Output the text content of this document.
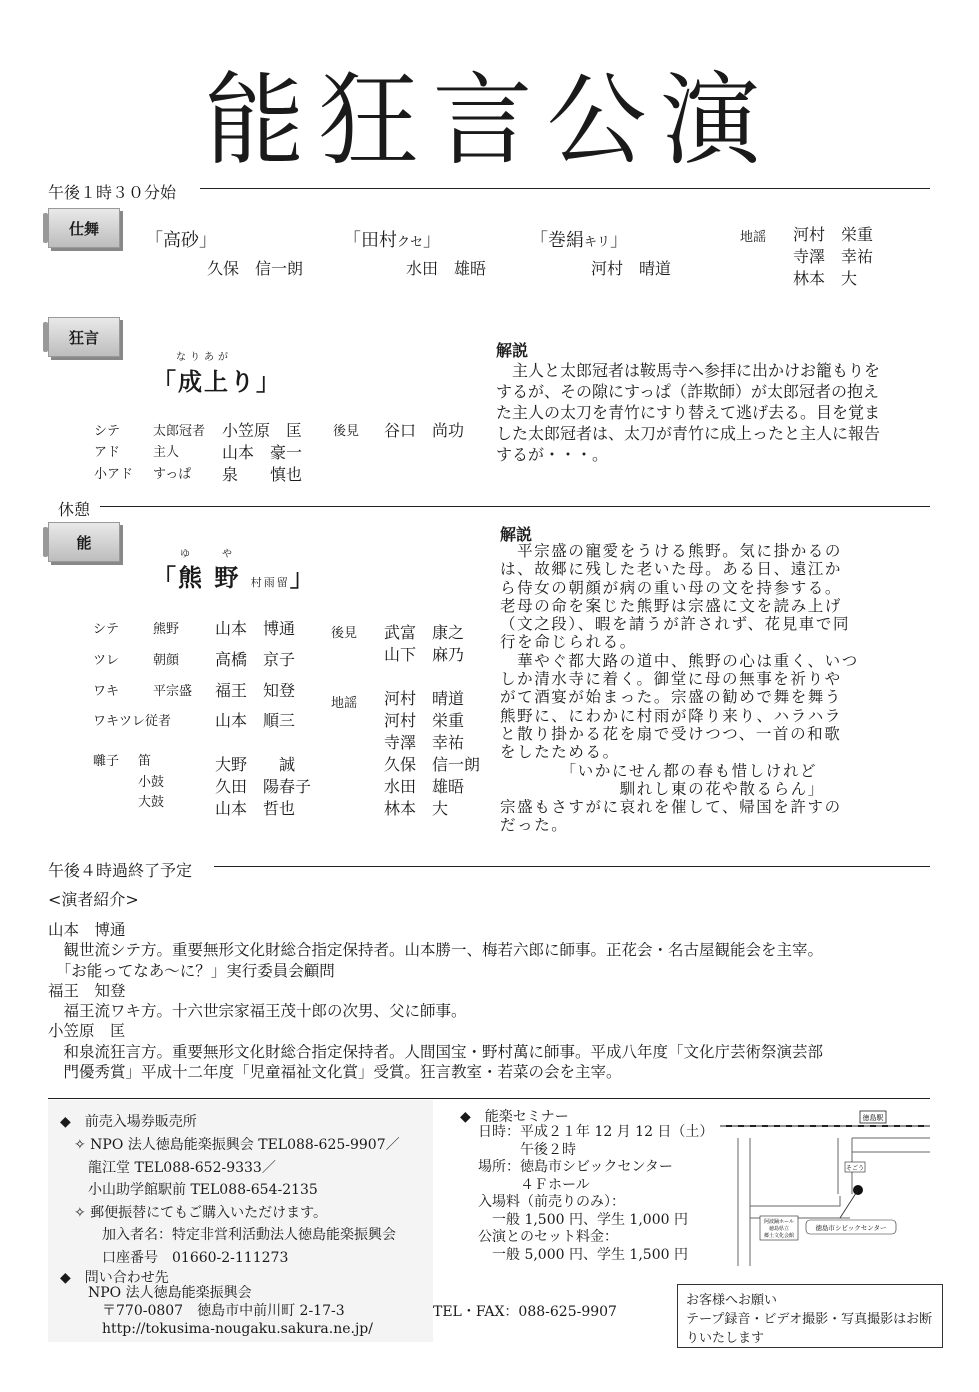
能狂言公演
午後１時３０分始
仕舞
「高砂」
久保　信一朗
「田村クセ」
水田　雄晤
「巻絹キリ」
河村　晴道
地謡 河村　栄重
寺澤　幸祐
林本　大
狂言
なりあが
「成上り」
シテ	太郎冠者 小笠原　匡
アド	主人	山本　豪一
小アド すっぱ 泉　　慎也
後見 谷口　尚功
解説
　主人と太郎冠者は鞍馬寺へ参拝に出かけお籠もりを
するが、その隙にすっぱ（詐欺師）が太郎冠者の抱え
た主人の太刀を青竹にすり替えて逃げ去る。目を覚ま
した太郎冠者は、太刀が青竹に成上ったと主人に報告
するが・・・。
休憩
能
ゆ　　や
「熊 野 村雨留」
シテ	熊野 山本　博通
ツレ	朝顔 高橋　京子
ワキ	平宗盛 福王　知登
ワキツレ従者	山本　順三
囃子 笛	大野　　誠
小鼓	久田　陽春子
大鼓	山本　哲也
後見 武富　康之
山下　麻乃
地謡 河村　晴道
河村　栄重
寺澤　幸祐
久保　信一朗
水田　雄晤
林本　大
解説
　平宗盛の寵愛をうける熊野。気に掛かるの
は、故郷に残した老いた母。ある日、遠江か
ら侍女の朝顔が病の重い母の文を持参する。
老母の命を案じた熊野は宗盛に文を読み上げ
（文之段）、暇を請うが許されず、花見車で同
行を命じられる。
　華やぐ都大路の道中、熊野の心は重く、いつ
しか清水寺に着く。御堂に母の無事を祈りや
がて酒宴が始まった。宗盛の勧めで舞を舞う
熊野に、にわかに村雨が降り来り、ハラハラ
と散り掛かる花を扇で受けつつ、一首の和歌
をしたためる。
　　　　「いかにせん都の春も惜しけれど
　　　　　　　馴れし東の花や散るらん」
宗盛もさすがに哀れを催して、帰国を許すの
だった。
午後４時過終了予定
<演者紹介>
山本　博通
　観世流シテ方。重要無形文化財総合指定保持者。山本勝一、梅若六郎に師事。正花会・名古屋観能会を主宰。
　「お能ってなあ〜に？」実行委員会顧問
福王　知登
　福王流ワキ方。十六世宗家福王茂十郎の次男、父に師事。
小笠原　匡
　和泉流狂言方。重要無形文化財総合指定保持者。人間国宝・野村萬に師事。平成八年度「文化庁芸術祭演芸部
　門優秀賞」平成十二年度「児童福祉文化賞」受賞。狂言教室・若菜の会を主宰。
◆　前売入場券販売所
✧ NPO 法人徳島能楽振興会 TEL088-625-9907／
　龍江堂 TEL088-652-9333／
　小山助学館駅前 TEL088-654-2135
✧ 郵便振替にてもご購入いただけます。
　　加入者名：特定非営利活動法人徳島能楽振興会
　　口座番号　01660-2-111273
◆　問い合わせ先
　NPO 法人徳島能楽振興会
　　〒770-0807　徳島市中前川町 2-17-3
　　http://tokusima-nougaku.sakura.ne.jp/
TEL・FAX：088-625-9907
◆　能楽セミナー
日時：平成２１年 12 月 12 日（土）
　　　午後２時
場所：徳島市シビックセンター
　　　４Ｆホール
入場料（前売りのみ）：
　一般 1,500 円、学生 1,000 円
公演とのセット料金：
　一般 5,000 円、学生 1,500 円
徳島駅
そごう
阿波踊ホール
徳島県立
郷土文化会館
徳島市シビックセンター
お客様へお願い
テープ録音・ビデオ撮影・写真撮影はお断りいたします
